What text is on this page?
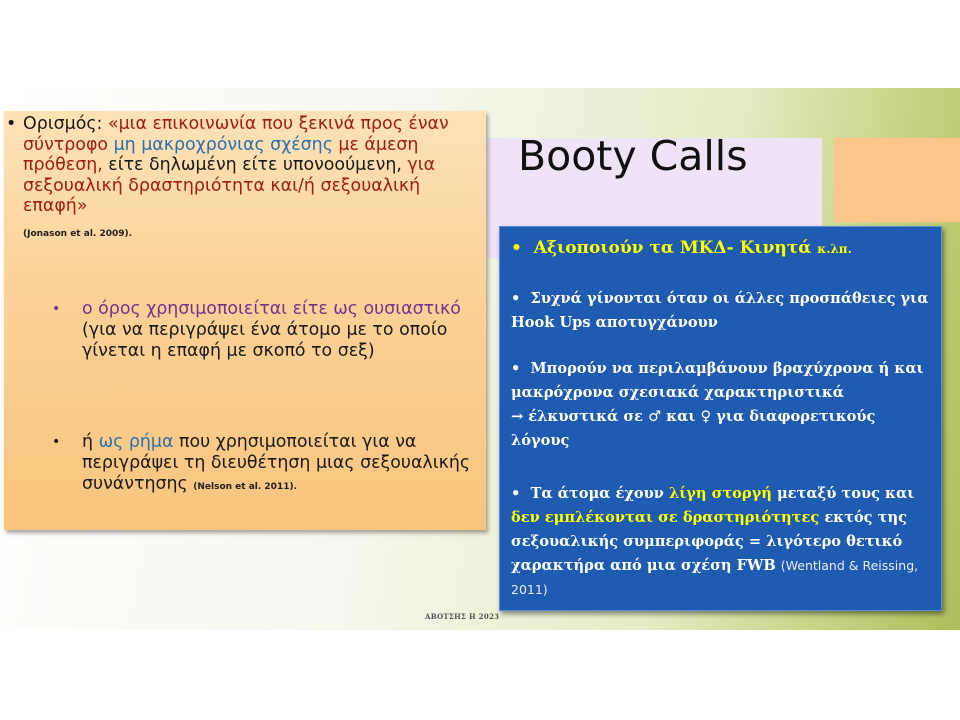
Booty Calls
• Ορισμός: «μια επικοινωνία που ξεκινά προς έναν σύντροφο μη μακροχρόνιας σχέσης με άμεση πρόθεση, είτε δηλωμένη είτε υπονοούμενη, για σεξουαλική δραστηριότητα και/ή σεξουαλική επαφή»
(Jonason et al. 2009).
• ο όρος χρησιμοποιείται είτε ως ουσιαστικό (για να περιγράψει ένα άτομο με το οποίο γίνεται η επαφή με σκοπό το σεξ)
• ή ως ρήμα που χρησιμοποιείται για να περιγράψει τη διευθέτηση μιας σεξουαλικής συνάντησης (Nelson et al. 2011).
• Αξιοποιούν τα ΜΚΔ- Κινητά κ.λπ.
• Συχνά γίνονται όταν οι άλλες προσπάθειες για Hook Ups αποτυγχάνουν
• Μπορούν να περιλαμβάνουν βραχύχρονα ή και μακρόχρονα σχεσιακά χαρακτηριστικά
→ έλκυστικά σε ♂ και ♀ για διαφορετικούς λόγους
• Τα άτομα έχουν λίγη στοργή μεταξύ τους και δεν εμπλέκονται σε δραστηριότητες εκτός της σεξουαλικής συμπεριφοράς = λιγότερο θετικό χαρακτήρα από μια σχέση FWB (Wentland & Reissing, 2011)
ΑΒΟΤΣΗΣ Η 2023
